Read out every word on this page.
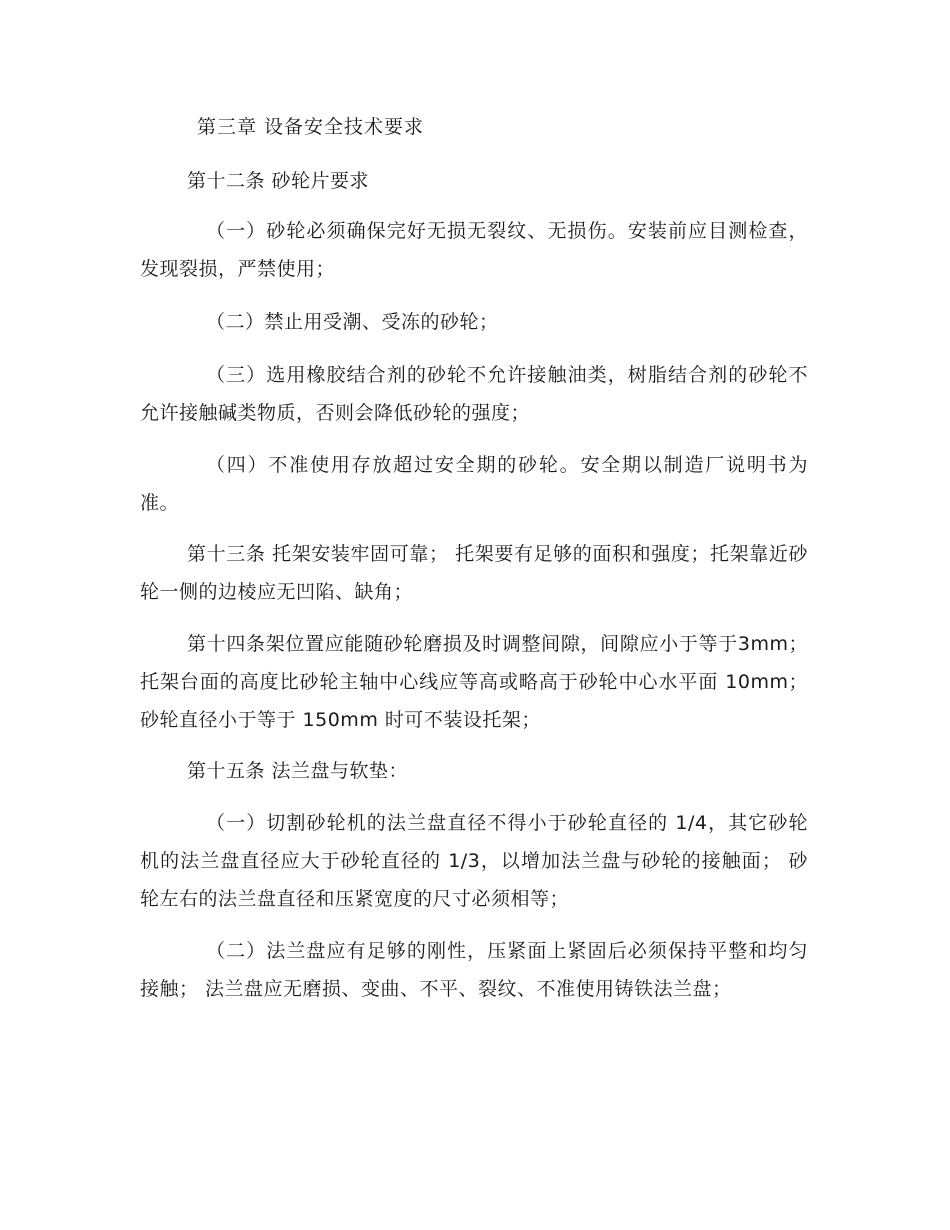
第三章 设备安全技术要求

第十二条 砂轮片要求

（一）砂轮必须确保完好无损无裂纹、无损伤。安装前应目测检查，发现裂损，严禁使用；

（二）禁止用受潮、受冻的砂轮；

（三）选用橡胶结合剂的砂轮不允许接触油类，树脂结合剂的砂轮不允许接触碱类物质，否则会降低砂轮的强度；

（四）不准使用存放超过安全期的砂轮。安全期以制造厂说明书为准。

第十三条 托架安装牢固可靠； 托架要有足够的面积和强度；托架靠近砂轮一侧的边棱应无凹陷、缺角；

第十四条架位置应能随砂轮磨损及时调整间隙，间隙应小于等于3mm； 托架台面的高度比砂轮主轴中心线应等高或略高于砂轮中心水平面 10mm； 砂轮直径小于等于 150mm 时可不装设托架；

第十五条 法兰盘与软垫：

（一）切割砂轮机的法兰盘直径不得小于砂轮直径的 1/4，其它砂轮机的法兰盘直径应大于砂轮直径的 1/3，以增加法兰盘与砂轮的接触面； 砂轮左右的法兰盘直径和压紧宽度的尺寸必须相等；

（二）法兰盘应有足够的刚性，压紧面上紧固后必须保持平整和均匀接触； 法兰盘应无磨损、变曲、不平、裂纹、不准使用铸铁法兰盘；
